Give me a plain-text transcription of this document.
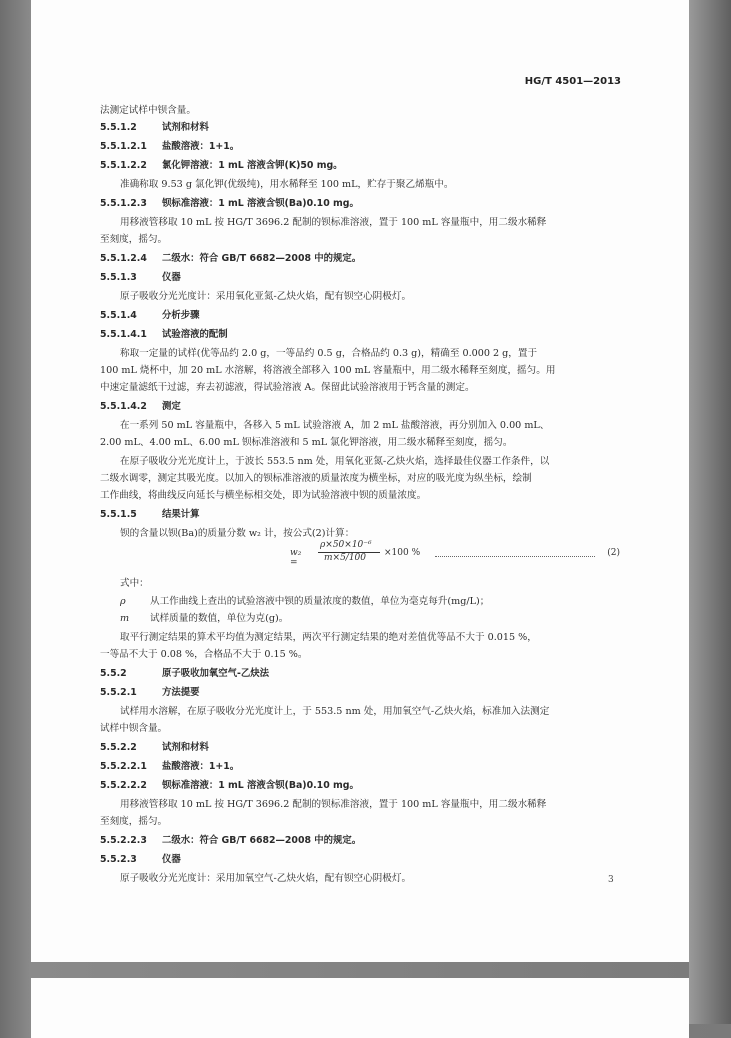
HG/T 4501—2013
法测定试样中钡含量。
5.5.1.2	试剂和材料
5.5.1.2.1 盐酸溶液：1+1。
5.5.1.2.2 氯化钾溶液：1 mL 溶液含钾(K)50 mg。
准确称取 9.53 g 氯化钾(优级纯)，用水稀释至 100 mL，贮存于聚乙烯瓶中。
5.5.1.2.3 钡标准溶液：1 mL 溶液含钡(Ba)0.10 mg。
用移液管移取 10 mL 按 HG/T 3696.2 配制的钡标准溶液，置于 100 mL 容量瓶中，用二级水稀释
至刻度，摇匀。
5.5.1.2.4 二级水：符合 GB/T 6682—2008 中的规定。
5.5.1.3	仪器
原子吸收分光光度计：采用氧化亚氮-乙炔火焰，配有钡空心阴极灯。
5.5.1.4	分析步骤
5.5.1.4.1 试验溶液的配制
称取一定量的试样(优等品约 2.0 g，一等品约 0.5 g，合格品约 0.3 g)，精确至 0.000 2 g，置于
100 mL 烧杯中，加 20 mL 水溶解，将溶液全部移入 100 mL 容量瓶中，用二级水稀释至刻度，摇匀。用
中速定量滤纸干过滤，弃去初滤液，得试验溶液 A。保留此试验溶液用于钙含量的测定。
5.5.1.4.2 测定
在一系列 50 mL 容量瓶中，各移入 5 mL 试验溶液 A，加 2 mL 盐酸溶液，再分别加入 0.00 mL、
2.00 mL、4.00 mL、6.00 mL 钡标准溶液和 5 mL 氯化钾溶液，用二级水稀释至刻度，摇匀。
在原子吸收分光光度计上，于波长 553.5 nm 处，用氧化亚氮-乙炔火焰，选择最佳仪器工作条件，以
二级水调零，测定其吸光度。以加入的钡标准溶液的质量浓度为横坐标，对应的吸光度为纵坐标，绘制
工作曲线，将曲线反向延长与横坐标相交处，即为试验溶液中钡的质量浓度。
5.5.1.5	结果计算
钡的含量以钡(Ba)的质量分数 w₂ 计，按公式(2)计算：
式中：
ρ	从工作曲线上查出的试验溶液中钡的质量浓度的数值，单位为毫克每升(mg/L)；
m 试样质量的数值，单位为克(g)。
取平行测定结果的算术平均值为测定结果，两次平行测定结果的绝对差值优等品不大于 0.015 %，
一等品不大于 0.08 %，合格品不大于 0.15 %。
5.5.2	原子吸收加氧空气-乙炔法
5.5.2.1	方法提要
试样用水溶解，在原子吸收分光光度计上，于 553.5 nm 处，用加氧空气-乙炔火焰，标准加入法测定
试样中钡含量。
5.5.2.2	试剂和材料
5.5.2.2.1 盐酸溶液：1+1。
5.5.2.2.2 钡标准溶液：1 mL 溶液含钡(Ba)0.10 mg。
用移液管移取 10 mL 按 HG/T 3696.2 配制的钡标准溶液，置于 100 mL 容量瓶中，用二级水稀释
至刻度，摇匀。
5.5.2.2.3 二级水：符合 GB/T 6682—2008 中的规定。
5.5.2.3	仪器
原子吸收分光光度计：采用加氧空气-乙炔火焰，配有钡空心阴极灯。
w₂ =
ρ×50×10⁻⁶
m×5/100 ×100 %	(2)
3
